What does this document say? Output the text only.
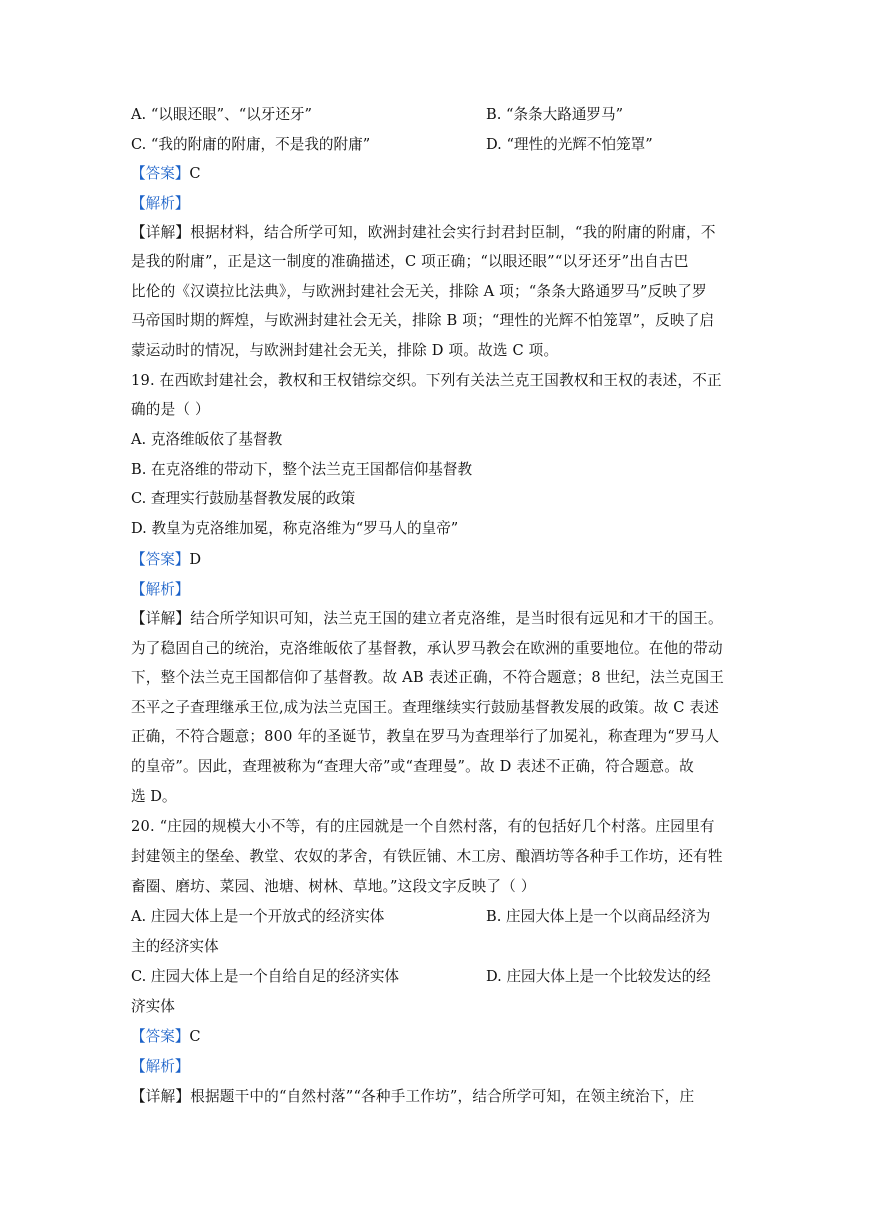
A. “以眼还眼”、“以牙还牙”	B. “条条大路通罗马”
C. “我的附庸的附庸，不是我的附庸”	D. “理性的光辉不怕笼罩”
【答案】C
【解析】
【详解】根据材料，结合所学可知，欧洲封建社会实行封君封臣制，“我的附庸的附庸，不
是我的附庸”，正是这一制度的准确描述，C 项正确；“以眼还眼”“以牙还牙”出自古巴
比伦的《汉谟拉比法典》，与欧洲封建社会无关，排除 A 项；“条条大路通罗马”反映了罗
马帝国时期的辉煌，与欧洲封建社会无关，排除 B 项；“理性的光辉不怕笼罩”，反映了启
蒙运动时的情况，与欧洲封建社会无关，排除 D 项。故选 C 项。
19. 在西欧封建社会，教权和王权错综交织。下列有关法兰克王国教权和王权的表述，不正
确的是（ ）
A. 克洛维皈依了基督教
B. 在克洛维的带动下，整个法兰克王国都信仰基督教
C. 查理实行鼓励基督教发展的政策
D. 教皇为克洛维加冕，称克洛维为“罗马人的皇帝”
【答案】D
【解析】
【详解】结合所学知识可知，法兰克王国的建立者克洛维，是当时很有远见和才干的国王。
为了稳固自己的统治，克洛维皈依了基督教，承认罗马教会在欧洲的重要地位。在他的带动
下，整个法兰克王国都信仰了基督教。故 AB 表述正确，不符合题意；8 世纪，法兰克国王
丕平之子查理继承王位,成为法兰克国王。查理继续实行鼓励基督教发展的政策。故 C 表述
正确，不符合题意；800 年的圣诞节，教皇在罗马为查理举行了加冕礼，称查理为“罗马人
的皇帝”。因此，查理被称为“查理大帝”或“查理曼”。故 D 表述不正确，符合题意。故
选 D。
20. “庄园的规模大小不等，有的庄园就是一个自然村落，有的包括好几个村落。庄园里有
封建领主的堡垒、教堂、农奴的茅舍，有铁匠铺、木工房、酿酒坊等各种手工作坊，还有牲
畜圈、磨坊、菜园、池塘、树林、草地。”这段文字反映了（ ）
A. 庄园大体上是一个开放式的经济实体	B. 庄园大体上是一个以商品经济为
主的经济实体
C. 庄园大体上是一个自给自足的经济实体	D. 庄园大体上是一个比较发达的经
济实体
【答案】C
【解析】
【详解】根据题干中的“自然村落”“各种手工作坊”，结合所学可知，在领主统治下，庄
